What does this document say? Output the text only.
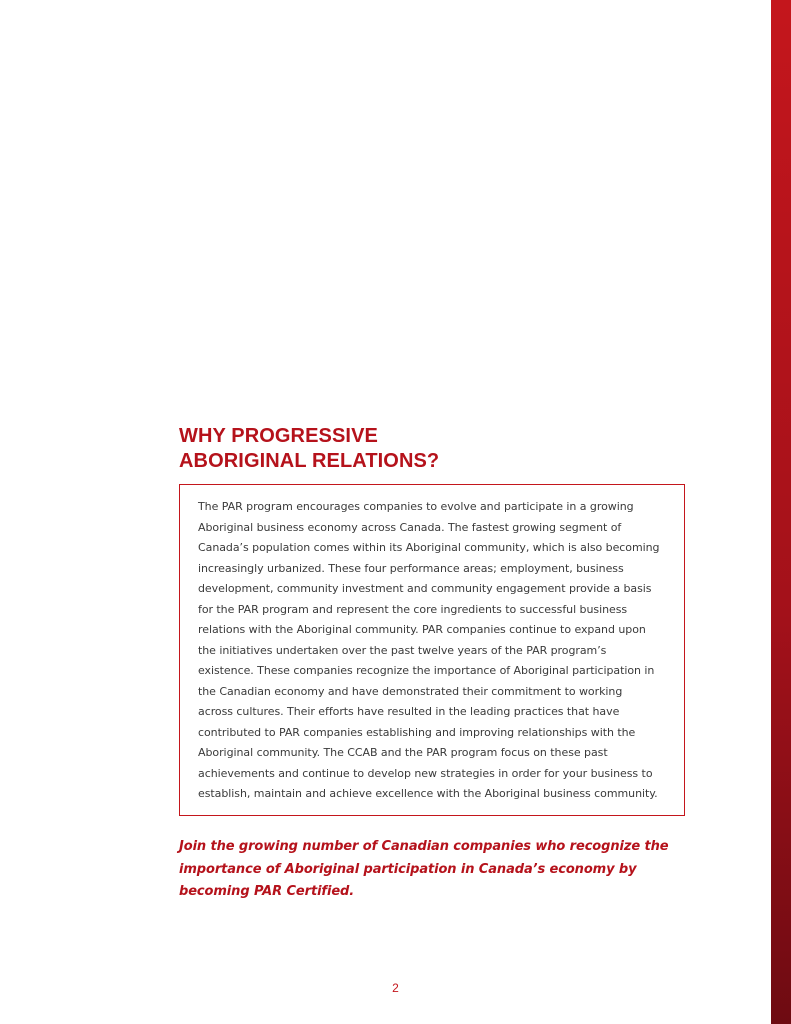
WHY PROGRESSIVE
ABORIGINAL RELATIONS?

The PAR program encourages companies to evolve and participate in a growing Aboriginal business economy across Canada. The fastest growing segment of Canada’s population comes within its Aboriginal community, which is also becoming increasingly urbanized. These four performance areas; employment, business development, community investment and community engagement provide a basis for the PAR program and represent the core ingredients to successful business relations with the Aboriginal community. PAR companies continue to expand upon the initiatives undertaken over the past twelve years of the PAR program’s existence. These companies recognize the importance of Aboriginal participation in the Canadian economy and have demonstrated their commitment to working across cultures. Their efforts have resulted in the leading practices that have contributed to PAR companies establishing and improving relationships with the Aboriginal community. The CCAB and the PAR program focus on these past achievements and continue to develop new strategies in order for your business to establish, maintain and achieve excellence with the Aboriginal business community.

Join the growing number of Canadian companies who recognize the importance of Aboriginal participation in Canada’s economy by becoming PAR Certified.

2
